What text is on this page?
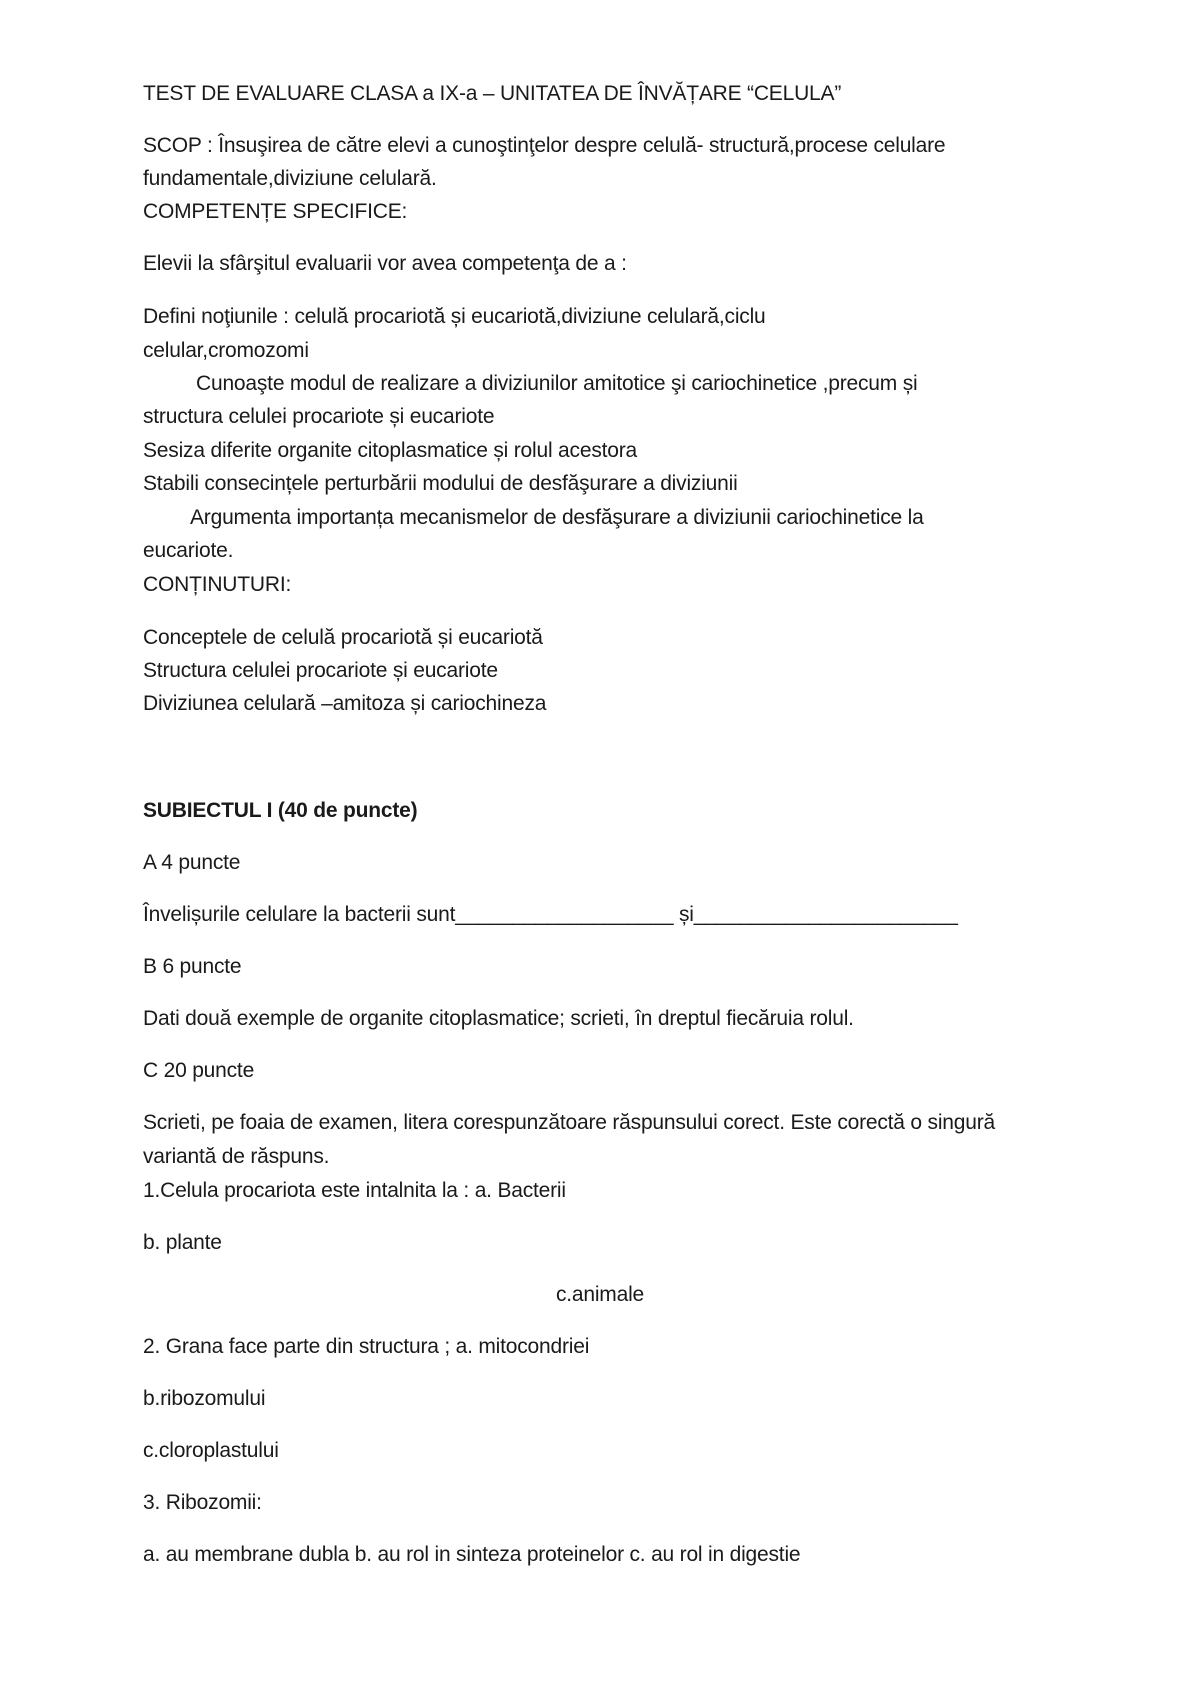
TEST DE EVALUARE CLASA a IX-a – UNITATEA DE ÎNVĂȚARE “CELULA”
SCOP : Însuşirea de către elevi a cunoştinţelor despre celulă- structură,procese celulare
fundamentale,diviziune celulară.
COMPETENȚE SPECIFICE:
Elevii la sfârşitul evaluarii vor avea competenţa de a :
Defini noţiunile : celulă procariotă și eucariotă,diviziune celulară,ciclu
celular,cromozomi
Cunoaşte modul de realizare a diviziunilor amitotice şi cariochinetice ,precum și
structura celulei procariote și eucariote
Sesiza diferite organite citoplasmatice și rolul acestora
Stabili consecințele perturbării modului de desfăşurare a diviziunii
Argumenta importanța mecanismelor de desfăşurare a diviziunii cariochinetice la
eucariote.
CONȚINUTURI:
Conceptele de celulă procariotă și eucariotă
Structura celulei procariote și eucariote
Diviziunea celulară –amitoza și cariochineza
SUBIECTUL I (40 de puncte)
A 4 puncte
Învelișurile celulare la bacterii sunt___________________ și_______________________
B 6 puncte
Dati două exemple de organite citoplasmatice; scrieti, în dreptul fiecăruia rolul.
C 20 puncte
Scrieti, pe foaia de examen, litera corespunzătoare răspunsului corect. Este corectă o singură
variantă de răspuns.
1.Celula procariota este intalnita la : a. Bacterii
b. plante
c.animale
2. Grana face parte din structura ; a. mitocondriei
b.ribozomului
c.cloroplastului
3. Ribozomii:
a. au membrane dubla b. au rol in sinteza proteinelor c. au rol in digestie
